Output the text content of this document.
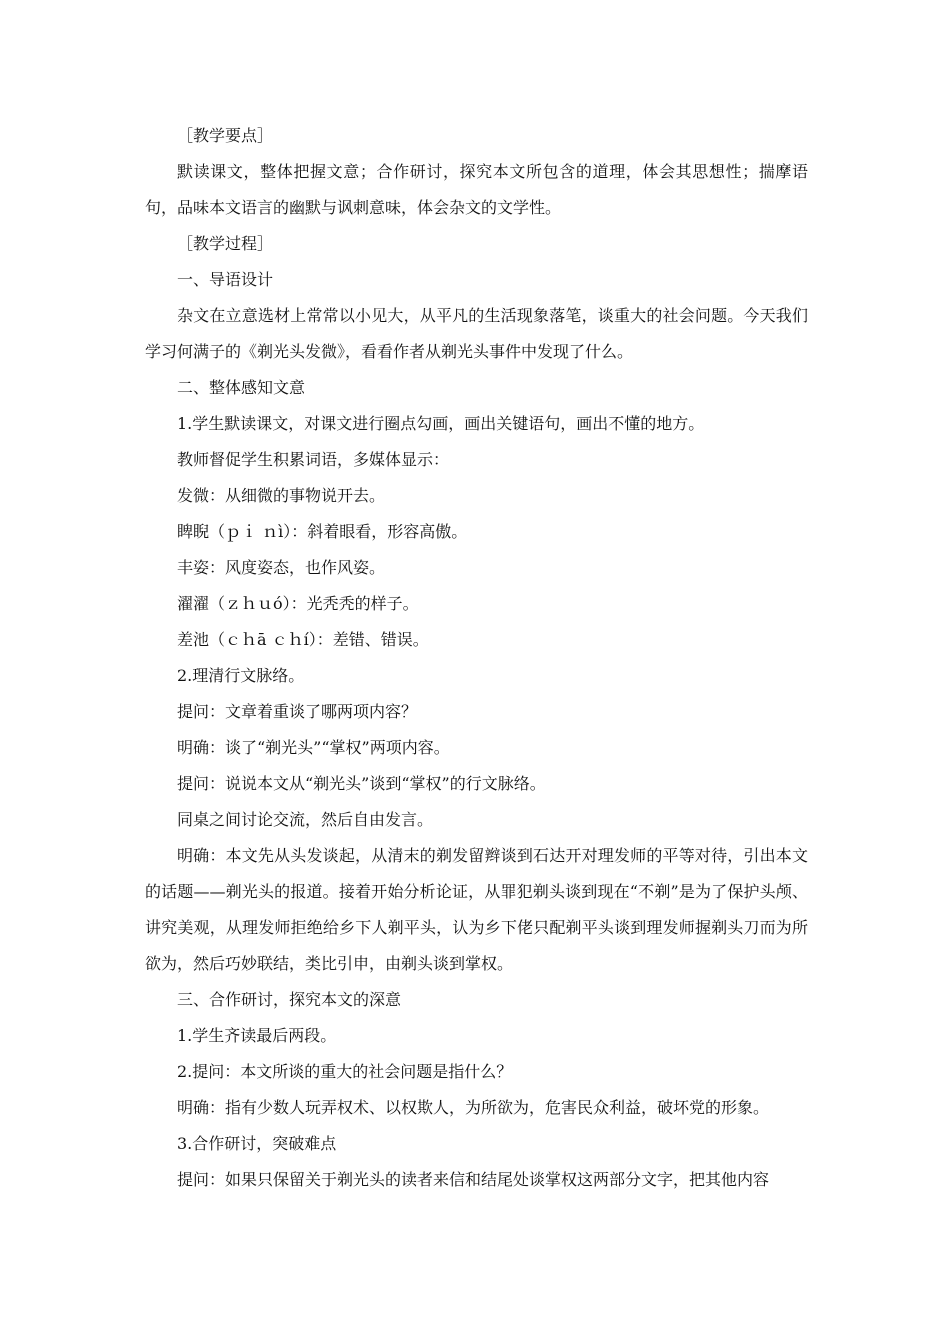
［教学要点］

默读课文，整体把握文意；合作研讨，探究本文所包含的道理，体会其思想性；揣摩语句，品味本文语言的幽默与讽刺意味，体会杂文的文学性。

［教学过程］

一、导语设计

杂文在立意选材上常常以小见大，从平凡的生活现象落笔，谈重大的社会问题。今天我们学习何满子的《剃光头发微》，看看作者从剃光头事件中发现了什么。

二、整体感知文意

1.学生默读课文，对课文进行圈点勾画，画出关键语句，画出不懂的地方。

教师督促学生积累词语，多媒体显示：

发微：从细微的事物说开去。

睥睨（ｐｉ ｎì）：斜着眼看，形容高傲。

丰姿：风度姿态，也作风姿。

濯濯（ｚｈｕó）：光秃秃的样子。

差池（ｃｈā ｃｈí）：差错、错误。

2.理清行文脉络。

提问：文章着重谈了哪两项内容？

明确：谈了“剃光头”“掌权”两项内容。

提问：说说本文从“剃光头”谈到“掌权”的行文脉络。

同桌之间讨论交流，然后自由发言。

明确：本文先从头发谈起，从清末的剃发留辫谈到石达开对理发师的平等对待，引出本文的话题——剃光头的报道。接着开始分析论证，从罪犯剃头谈到现在“不剃”是为了保护头颅、讲究美观，从理发师拒绝给乡下人剃平头，认为乡下佬只配剃平头谈到理发师握剃头刀而为所欲为，然后巧妙联结，类比引申，由剃头谈到掌权。

三、合作研讨，探究本文的深意

1.学生齐读最后两段。

2.提问：本文所谈的重大的社会问题是指什么？

明确：指有少数人玩弄权术、以权欺人，为所欲为，危害民众利益，破坏党的形象。

3.合作研讨，突破难点

提问：如果只保留关于剃光头的读者来信和结尾处谈掌权这两部分文字，把其他内容
